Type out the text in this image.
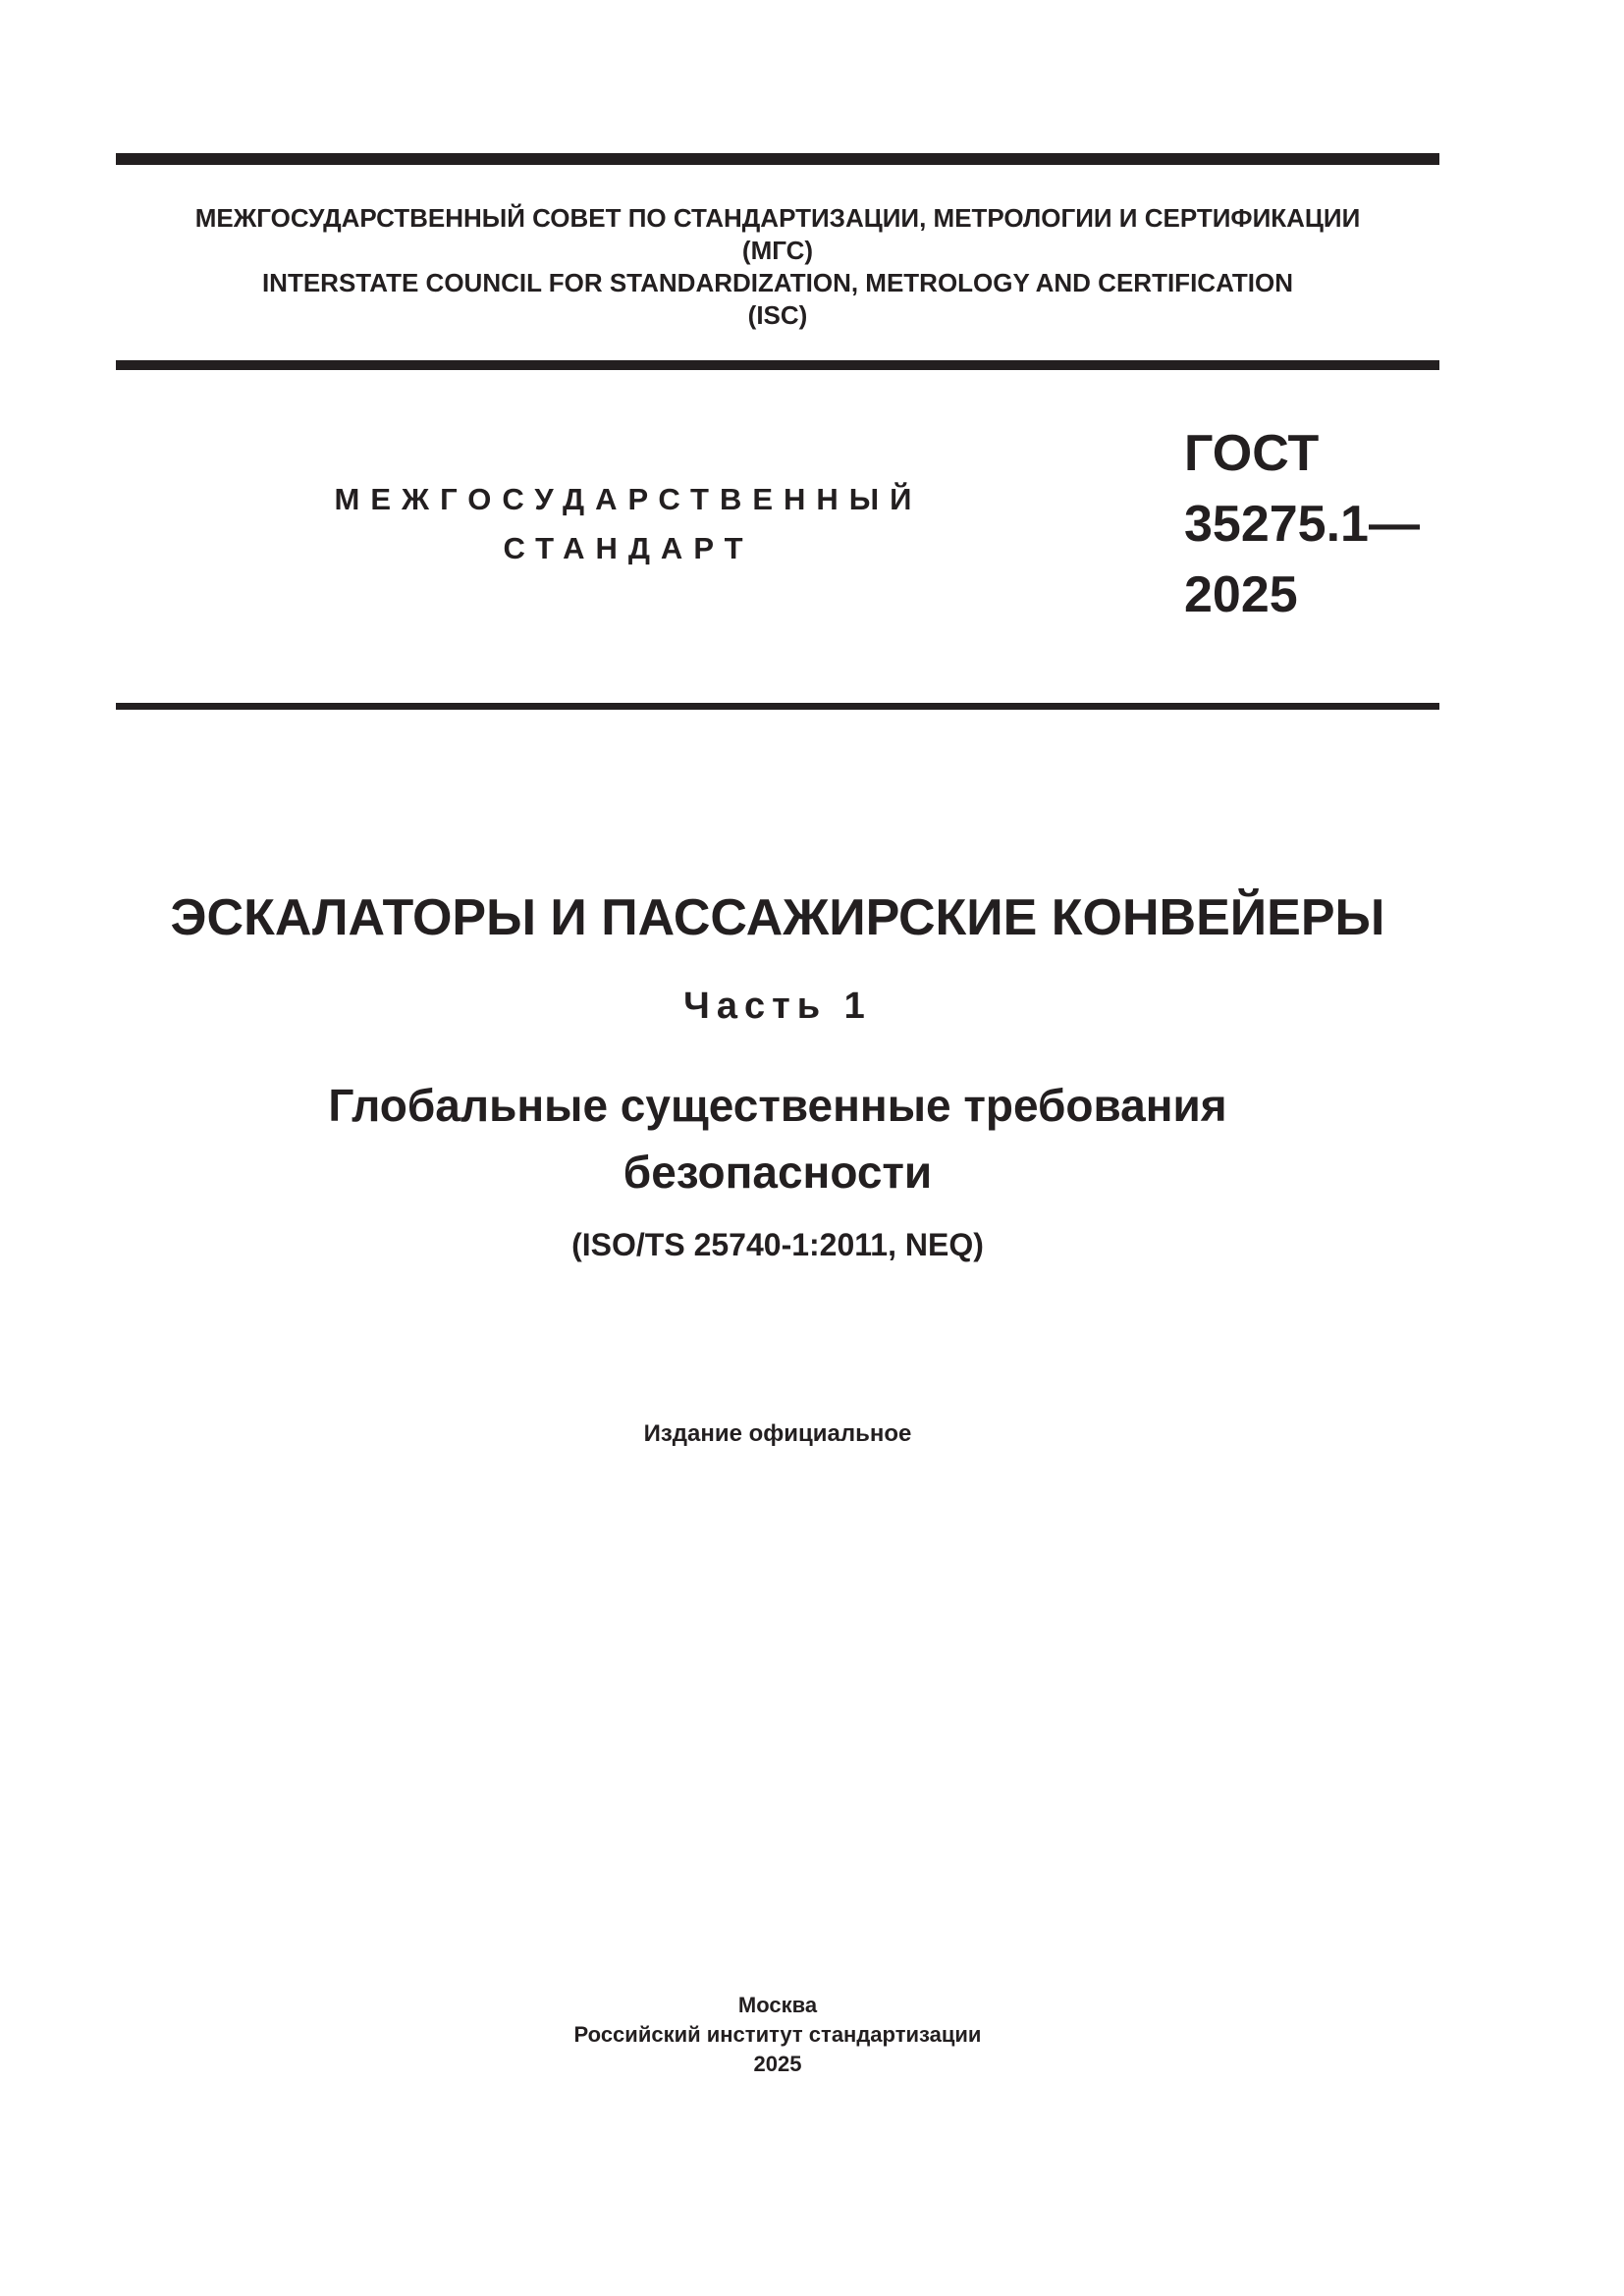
МЕЖГОСУДАРСТВЕННЫЙ СОВЕТ ПО СТАНДАРТИЗАЦИИ, МЕТРОЛОГИИ И СЕРТИФИКАЦИИ
(МГС)
INTERSTATE COUNCIL FOR STANDARDIZATION, METROLOGY AND CERTIFICATION
(ISC)
МЕЖГОСУДАРСТВЕННЫЙ
СТАНДАРТ
ГОСТ
35275.1—
2025
ЭСКАЛАТОРЫ И ПАССАЖИРСКИЕ КОНВЕЙЕРЫ
Часть 1
Глобальные существенные требования
безопасности
(ISO/TS 25740-1:2011, NEQ)
Издание официальное
Москва
Российский институт стандартизации
2025
